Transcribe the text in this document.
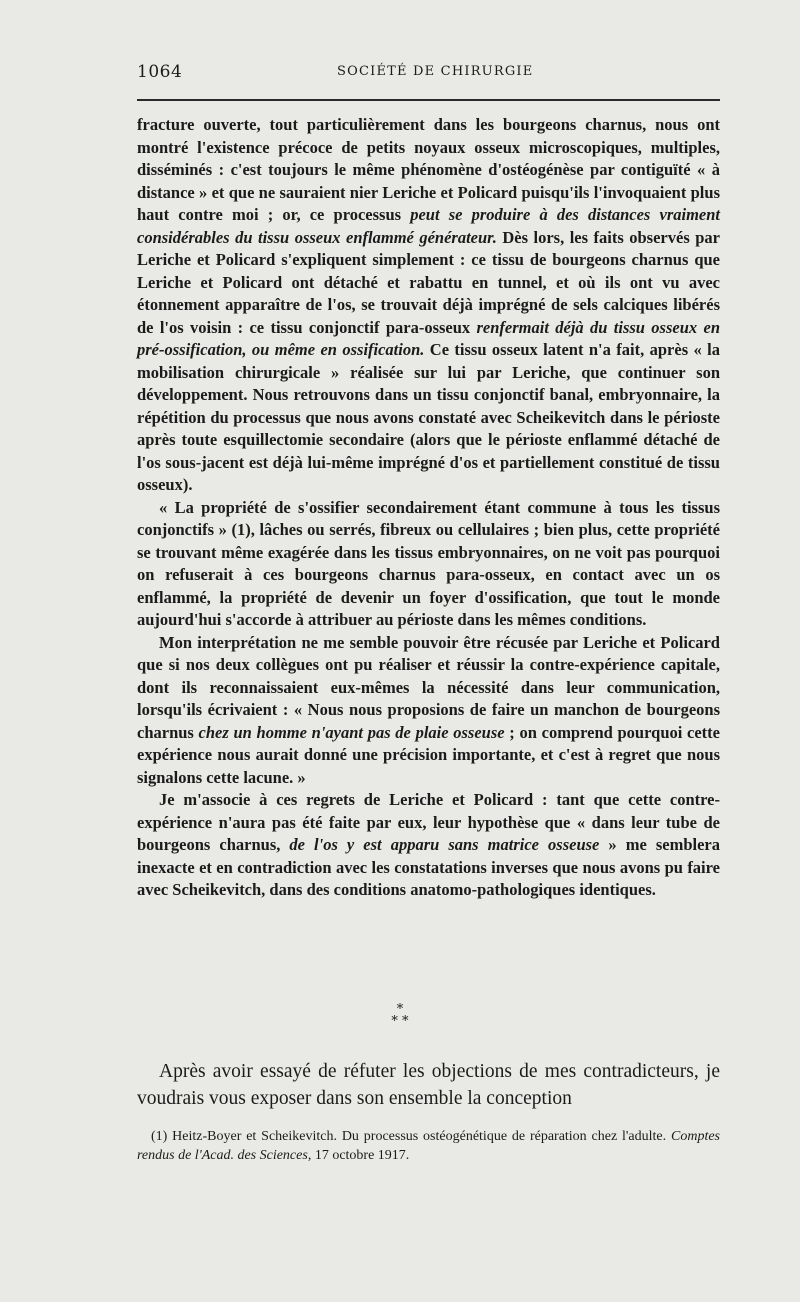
1064	SOCIÉTÉ DE CHIRURGIE

fracture ouverte, tout particulièrement dans les bourgeons charnus, nous ont montré l'existence précoce de petits noyaux osseux microscopiques, multiples, disséminés : c'est toujours le même phénomène d'ostéogénèse par contiguïté « à distance » et que ne sauraient nier Leriche et Policard puisqu'ils l'invoquaient plus haut contre moi ; or, ce processus peut se produire à des distances vraiment considérables du tissu osseux enflammé générateur. Dès lors, les faits observés par Leriche et Policard s'expliquent simplement : ce tissu de bourgeons charnus que Leriche et Policard ont détaché et rabattu en tunnel, et où ils ont vu avec étonnement apparaître de l'os, se trouvait déjà imprégné de sels calciques libérés de l'os voisin : ce tissu conjonctif para-osseux renfermait déjà du tissu osseux en pré-ossification, ou même en ossification. Ce tissu osseux latent n'a fait, après « la mobilisation chirurgicale » réalisée sur lui par Leriche, que continuer son développement. Nous retrouvons dans un tissu conjonctif banal, embryonnaire, la répétition du processus que nous avons constaté avec Scheikevitch dans le périoste après toute esquillectomie secondaire (alors que le périoste enflammé détaché de l'os sous-jacent est déjà lui-même imprégné d'os et partiellement constitué de tissu osseux).

« La propriété de s'ossifier secondairement étant commune à tous les tissus conjonctifs » (1), lâches ou serrés, fibreux ou cellulaires ; bien plus, cette propriété se trouvant même exagérée dans les tissus embryonnaires, on ne voit pas pourquoi on refuserait à ces bourgeons charnus para-osseux, en contact avec un os enflammé, la propriété de devenir un foyer d'ossification, que tout le monde aujourd'hui s'accorde à attribuer au périoste dans les mêmes conditions.

Mon interprétation ne me semble pouvoir être récusée par Leriche et Policard que si nos deux collègues ont pu réaliser et réussir la contre-expérience capitale, dont ils reconnaissaient eux-mêmes la nécessité dans leur communication, lorsqu'ils écrivaient : « Nous nous proposions de faire un manchon de bourgeons charnus chez un homme n'ayant pas de plaie osseuse ; on comprend pourquoi cette expérience nous aurait donné une précision importante, et c'est à regret que nous signalons cette lacune. »

Je m'associe à ces regrets de Leriche et Policard : tant que cette contre-expérience n'aura pas été faite par eux, leur hypothèse que « dans leur tube de bourgeons charnus, de l'os y est apparu sans matrice osseuse » me semblera inexacte et en contradiction avec les constatations inverses que nous avons pu faire avec Scheikevitch, dans des conditions anatomo-pathologiques identiques.

*
* *

Après avoir essayé de réfuter les objections de mes contradicteurs, je voudrais vous exposer dans son ensemble la conception

(1) Heitz-Boyer et Scheikevitch. Du processus ostéogénétique de réparation chez l'adulte. Comptes rendus de l'Acad. des Sciences, 17 octobre 1917.
